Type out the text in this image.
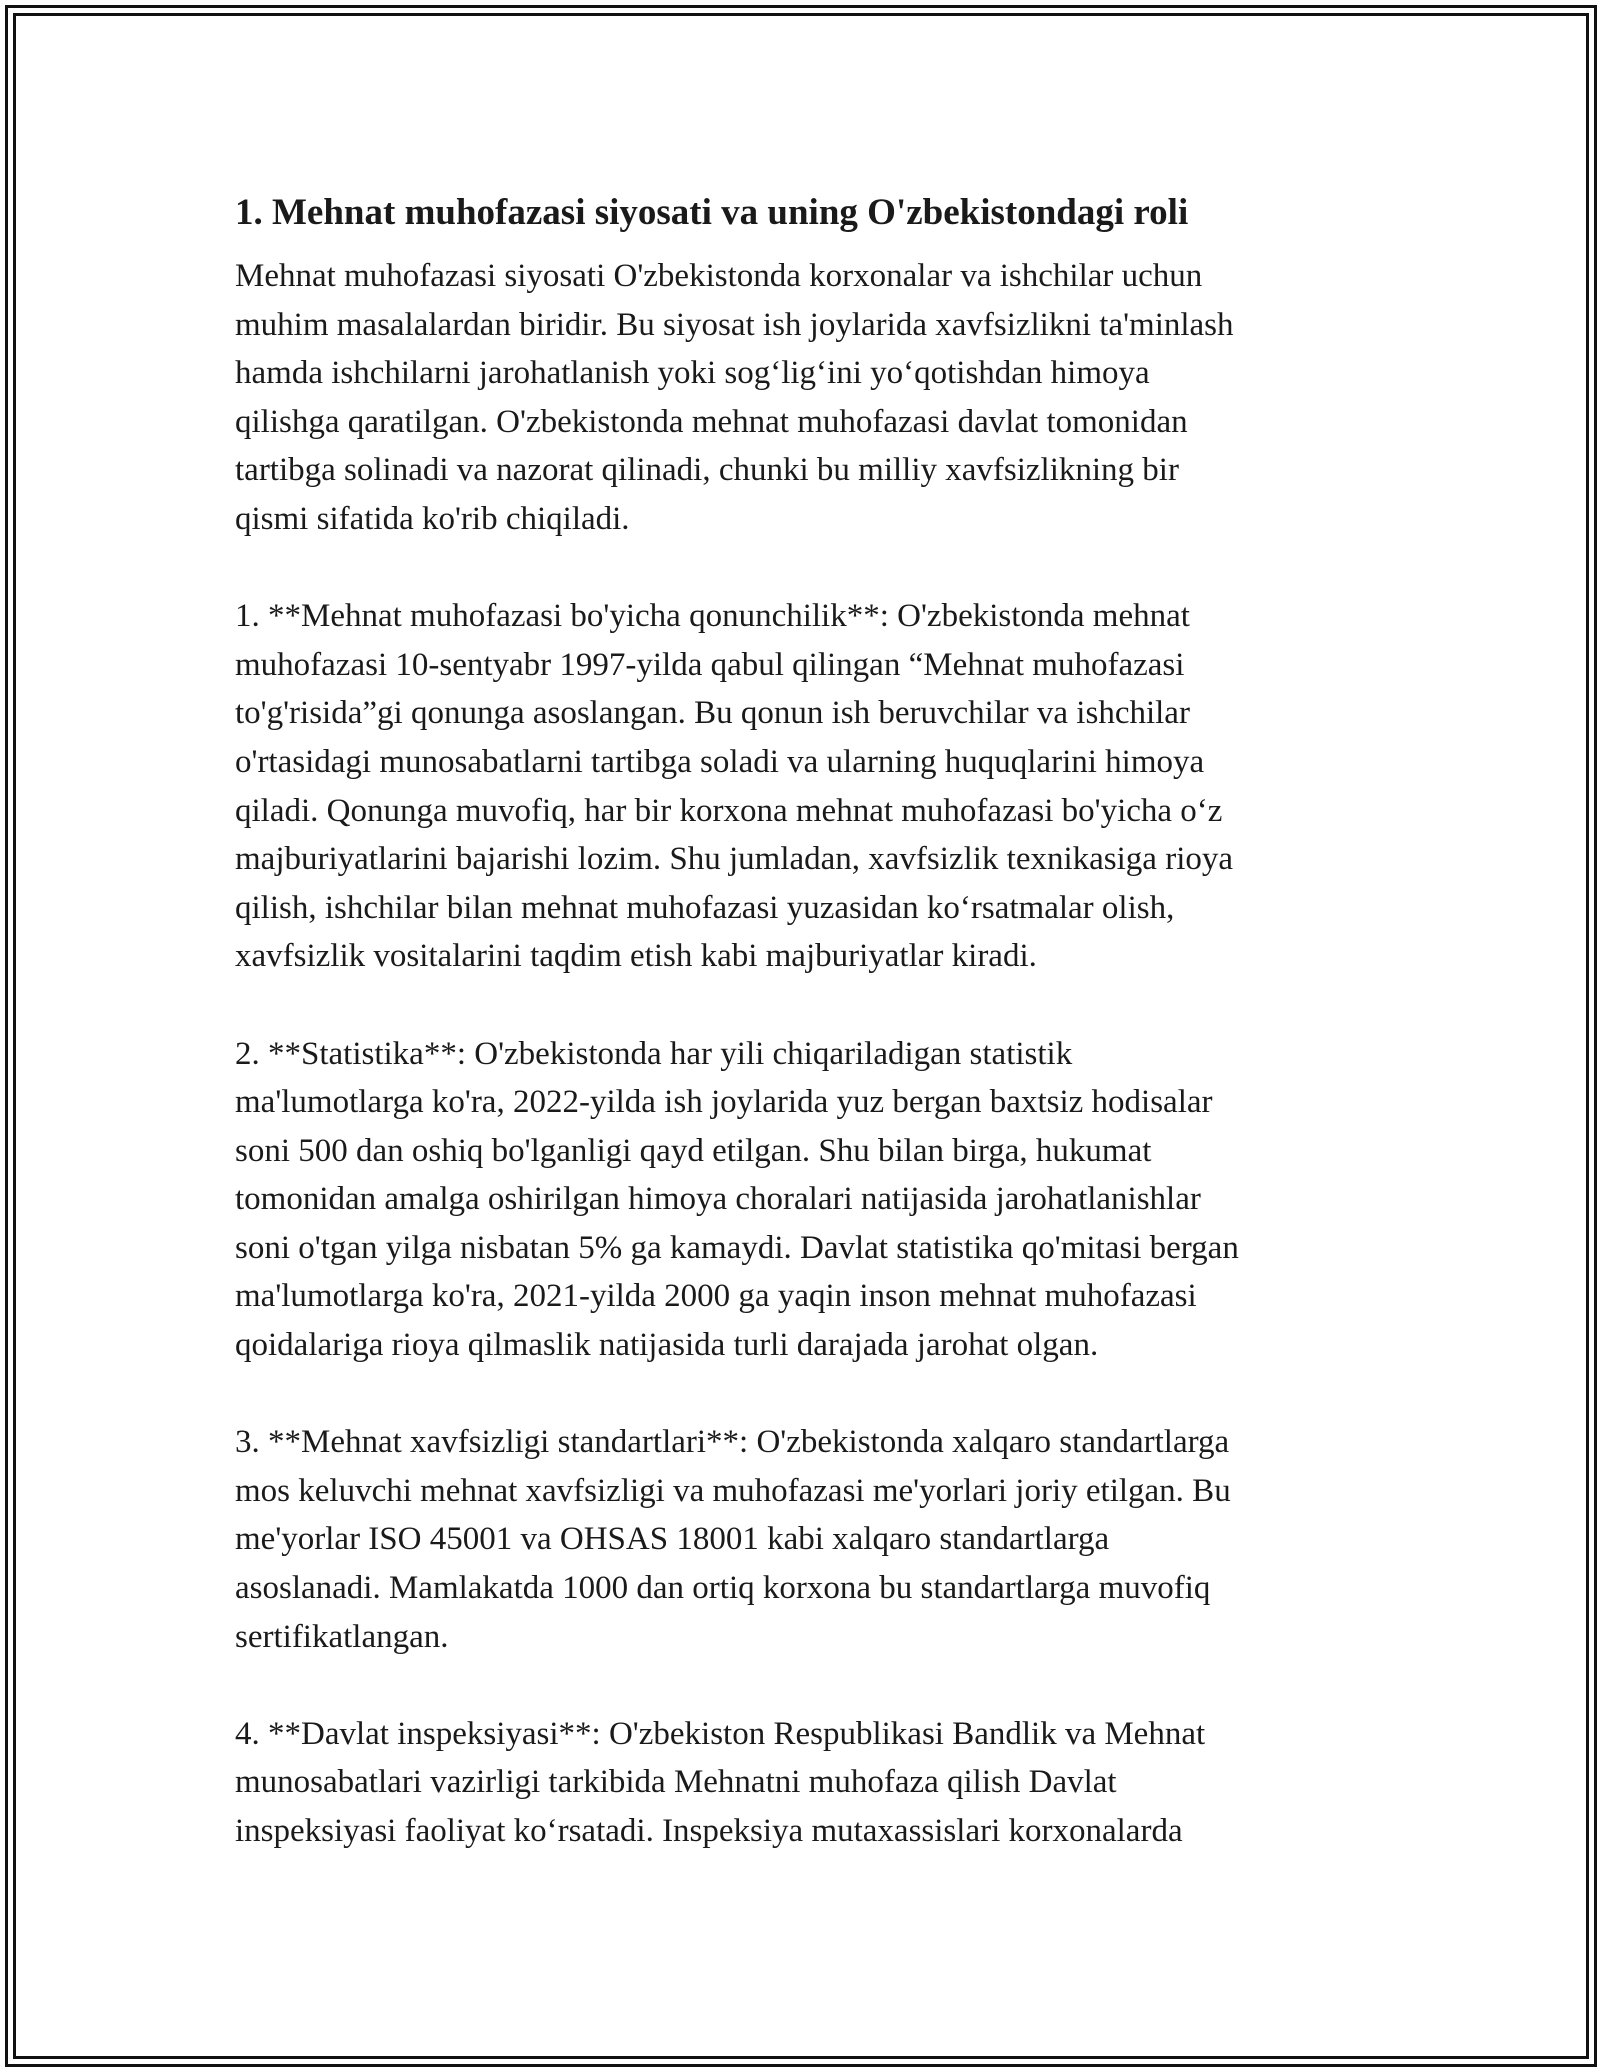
1. Mehnat muhofazasi siyosati va uning O'zbekistondagi roli

Mehnat muhofazasi siyosati O'zbekistonda korxonalar va ishchilar uchun
muhim masalalardan biridir. Bu siyosat ish joylarida xavfsizlikni ta'minlash
hamda ishchilarni jarohatlanish yoki sog‘lig‘ini yo‘qotishdan himoya
qilishga qaratilgan. O'zbekistonda mehnat muhofazasi davlat tomonidan
tartibga solinadi va nazorat qilinadi, chunki bu milliy xavfsizlikning bir
qismi sifatida ko'rib chiqiladi.

1. **Mehnat muhofazasi bo'yicha qonunchilik**: O'zbekistonda mehnat
muhofazasi 10-sentyabr 1997-yilda qabul qilingan “Mehnat muhofazasi
to'g'risida”gi qonunga asoslangan. Bu qonun ish beruvchilar va ishchilar
o'rtasidagi munosabatlarni tartibga soladi va ularning huquqlarini himoya
qiladi. Qonunga muvofiq, har bir korxona mehnat muhofazasi bo'yicha o‘z
majburiyatlarini bajarishi lozim. Shu jumladan, xavfsizlik texnikasiga rioya
qilish, ishchilar bilan mehnat muhofazasi yuzasidan ko‘rsatmalar olish,
xavfsizlik vositalarini taqdim etish kabi majburiyatlar kiradi.

2. **Statistika**: O'zbekistonda har yili chiqariladigan statistik
ma'lumotlarga ko'ra, 2022-yilda ish joylarida yuz bergan baxtsiz hodisalar
soni 500 dan oshiq bo'lganligi qayd etilgan. Shu bilan birga, hukumat
tomonidan amalga oshirilgan himoya choralari natijasida jarohatlanishlar
soni o'tgan yilga nisbatan 5% ga kamaydi. Davlat statistika qo'mitasi bergan
ma'lumotlarga ko'ra, 2021-yilda 2000 ga yaqin inson mehnat muhofazasi
qoidalariga rioya qilmaslik natijasida turli darajada jarohat olgan.

3. **Mehnat xavfsizligi standartlari**: O'zbekistonda xalqaro standartlarga
mos keluvchi mehnat xavfsizligi va muhofazasi me'yorlari joriy etilgan. Bu
me'yorlar ISO 45001 va OHSAS 18001 kabi xalqaro standartlarga
asoslanadi. Mamlakatda 1000 dan ortiq korxona bu standartlarga muvofiq
sertifikatlangan.

4. **Davlat inspeksiyasi**: O'zbekiston Respublikasi Bandlik va Mehnat
munosabatlari vazirligi tarkibida Mehnatni muhofaza qilish Davlat
inspeksiyasi faoliyat ko‘rsatadi. Inspeksiya mutaxassislari korxonalarda
